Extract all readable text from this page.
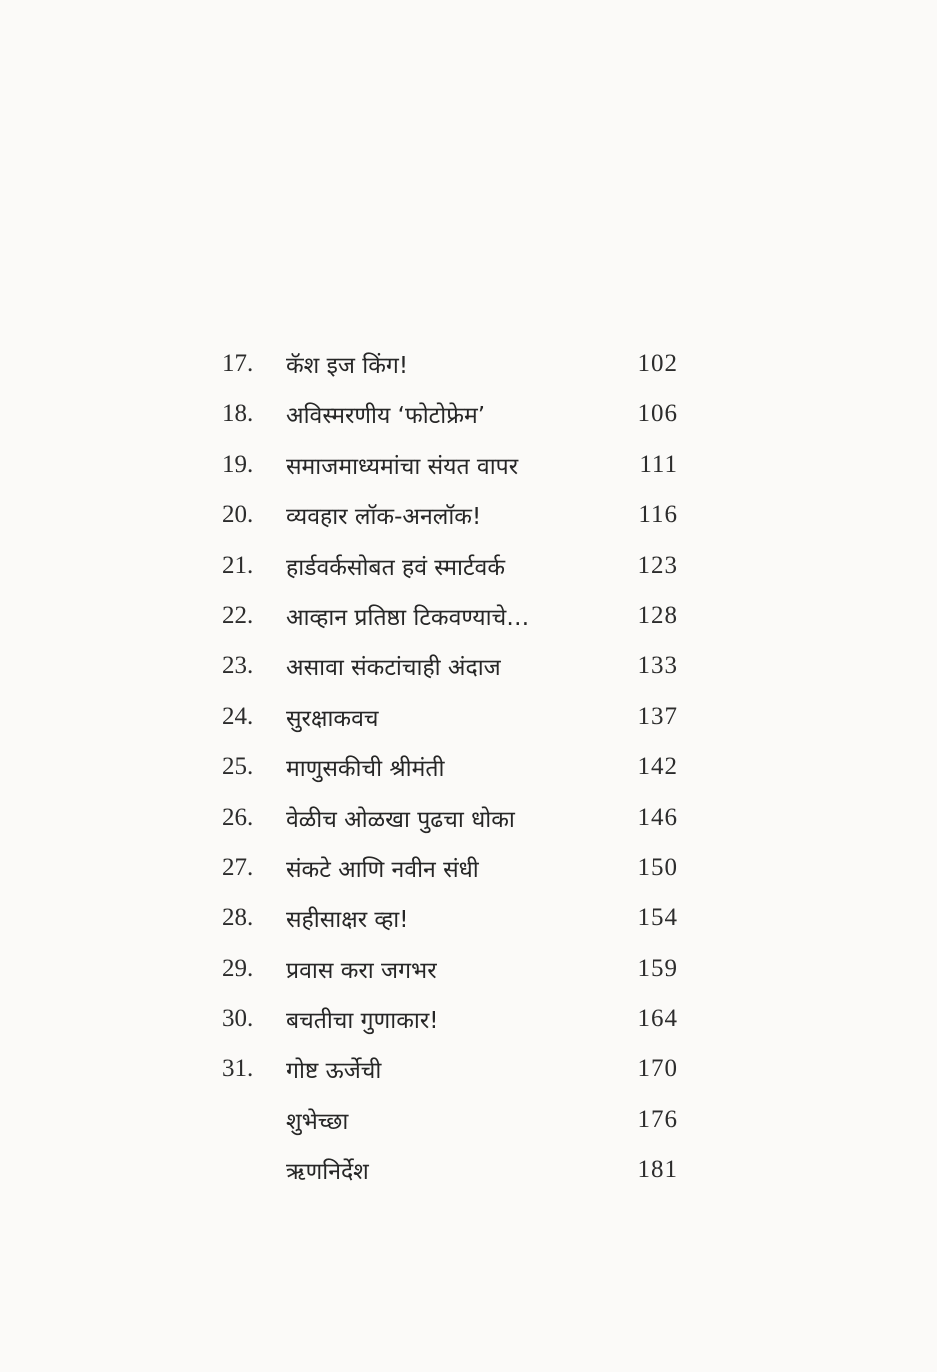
17.	कॅश इज किंग!	102
18.	अविस्मरणीय ‘फोटोफ्रेम’	106
19.	समाजमाध्यमांचा संयत वापर	111
20.	व्यवहार लॉक-अनलॉक!	116
21.	हार्डवर्कसोबत हवं स्मार्टवर्क	123
22.	आव्हान प्रतिष्ठा टिकवण्याचे…	128
23.	असावा संकटांचाही अंदाज	133
24.	सुरक्षाकवच	137
25.	माणुसकीची श्रीमंती	142
26.	वेळीच ओळखा पुढचा धोका	146
27.	संकटे आणि नवीन संधी	150
28.	सहीसाक्षर व्हा!	154
29.	प्रवास करा जगभर	159
30.	बचतीचा गुणाकार!	164
31.	गोष्ट ऊर्जेची	170
शुभेच्छा	176
ऋणनिर्देश	181
